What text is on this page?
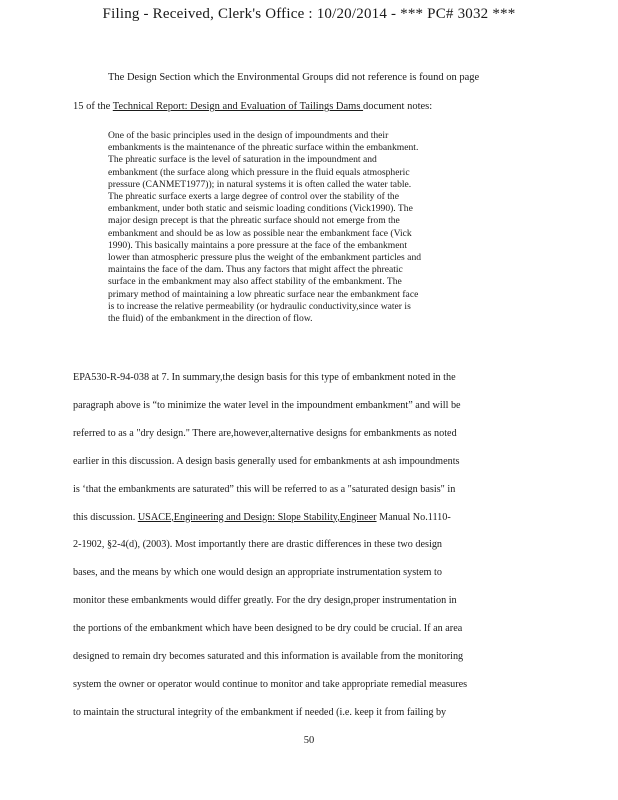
Filing - Received, Clerk's Office : 10/20/2014 - *** PC# 3032 ***
The Design Section which the Environmental Groups did not reference is found on page
15 of the Technical Report: Design and Evaluation of Tailings Dams document notes:
One of the basic principles used in the design of impoundments and their
embankments is the maintenance of the phreatic surface within the embankment.
The phreatic surface is the level of saturation in the impoundment and
embankment (the surface along which pressure in the fluid equals atmospheric
pressure (CANMET1977)); in natural systems it is often called the water table.
The phreatic surface exerts a large degree of control over the stability of the
embankment, under both static and seismic loading conditions (Vick1990). The
major design precept is that the phreatic surface should not emerge from the
embankment and should be as low as possible near the embankment face (Vick
1990). This basically maintains a pore pressure at the face of the embankment
lower than atmospheric pressure plus the weight of the embankment particles and
maintains the face of the dam. Thus any factors that might affect the phreatic
surface in the embankment may also affect stability of the embankment. The
primary method of maintaining a low phreatic surface near the embankment face
is to increase the relative permeability (or hydraulic conductivity,since water is
the fluid) of the embankment in the direction of flow.
EPA530-R-94-038 at 7. In summary,the design basis for this type of embankment noted in the
paragraph above is “to minimize the water level in the impoundment embankment” and will be
referred to as a "dry design." There are,however,alternative designs for embankments as noted
earlier in this discussion. A design basis generally used for embankments at ash impoundments
is ‘that the embankments are saturated” this will be referred to as a "saturated design basis" in
this discussion. USACE,Engineering and Design: Slope Stability,Engineer Manual No.1110-
2-1902, §2-4(d), (2003). Most importantly there are drastic differences in these two design
bases, and the means by which one would design an appropriate instrumentation system to
monitor these embankments would differ greatly. For the dry design,proper instrumentation in
the portions of the embankment which have been designed to be dry could be crucial. If an area
designed to remain dry becomes saturated and this information is available from the monitoring
system the owner or operator would continue to monitor and take appropriate remedial measures
to maintain the structural integrity of the embankment if needed (i.e. keep it from failing by
50
